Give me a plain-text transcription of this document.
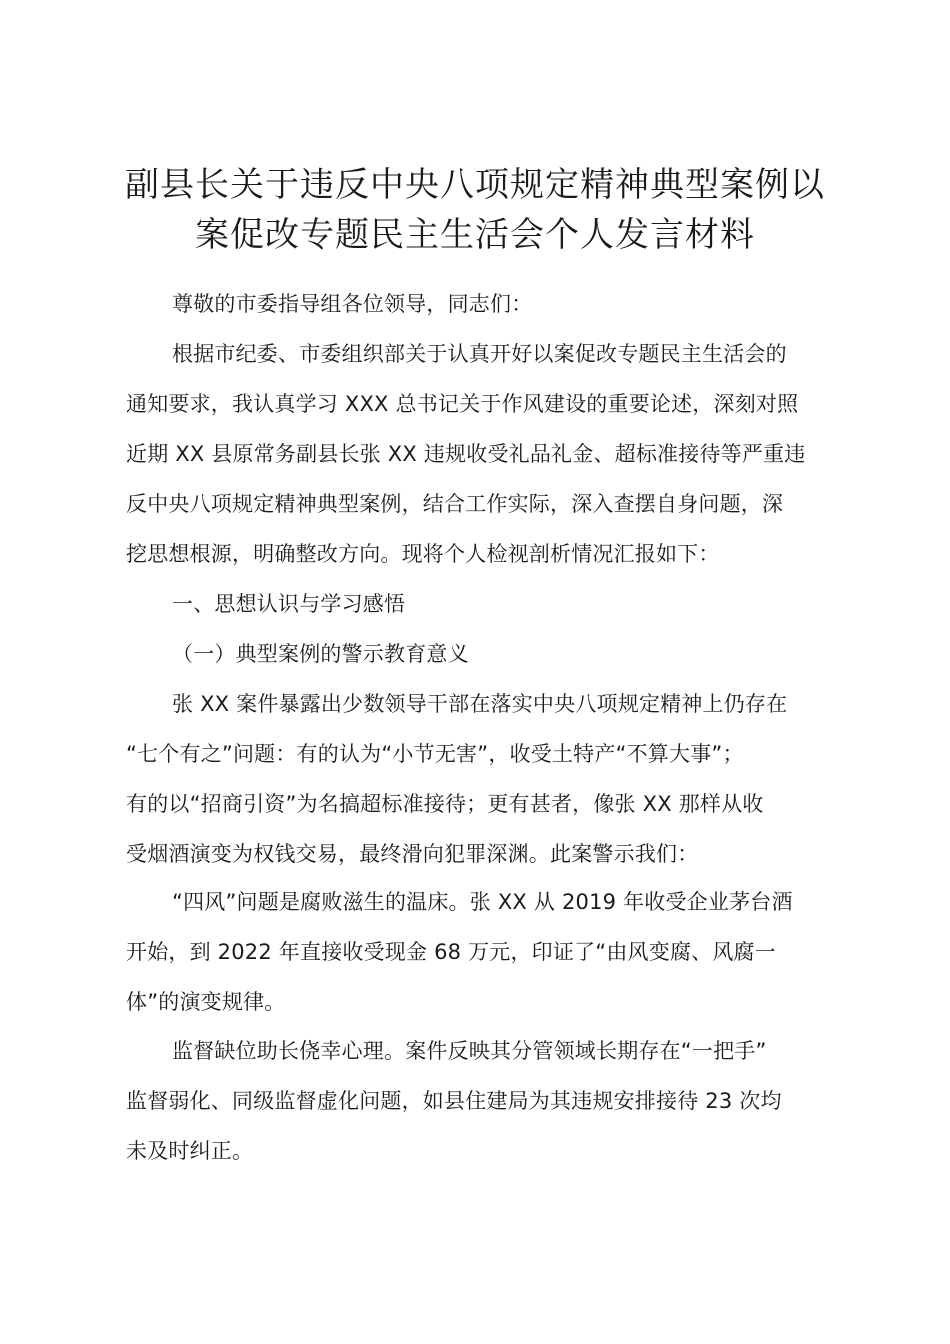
副县长关于违反中央八项规定精神典型案例以
案促改专题民主生活会个人发言材料
尊敬的市委指导组各位领导，同志们：
根据市纪委、市委组织部关于认真开好以案促改专题民主生活会的
通知要求，我认真学习 XXX 总书记关于作风建设的重要论述，深刻对照
近期 XX 县原常务副县长张 XX 违规收受礼品礼金、超标准接待等严重违
反中央八项规定精神典型案例，结合工作实际，深入查摆自身问题，深
挖思想根源，明确整改方向。现将个人检视剖析情况汇报如下：
一、思想认识与学习感悟
（一）典型案例的警示教育意义
张 XX 案件暴露出少数领导干部在落实中央八项规定精神上仍存在
“七个有之”问题：有的认为“小节无害”，收受土特产“不算大事”；
有的以“招商引资”为名搞超标准接待；更有甚者，像张 XX 那样从收
受烟酒演变为权钱交易，最终滑向犯罪深渊。此案警示我们：
“四风”问题是腐败滋生的温床。张 XX 从 2019 年收受企业茅台酒
开始，到 2022 年直接收受现金 68 万元，印证了“由风变腐、风腐一
体”的演变规律。
监督缺位助长侥幸心理。案件反映其分管领域长期存在“一把手”
监督弱化、同级监督虚化问题，如县住建局为其违规安排接待 23 次均
未及时纠正。
